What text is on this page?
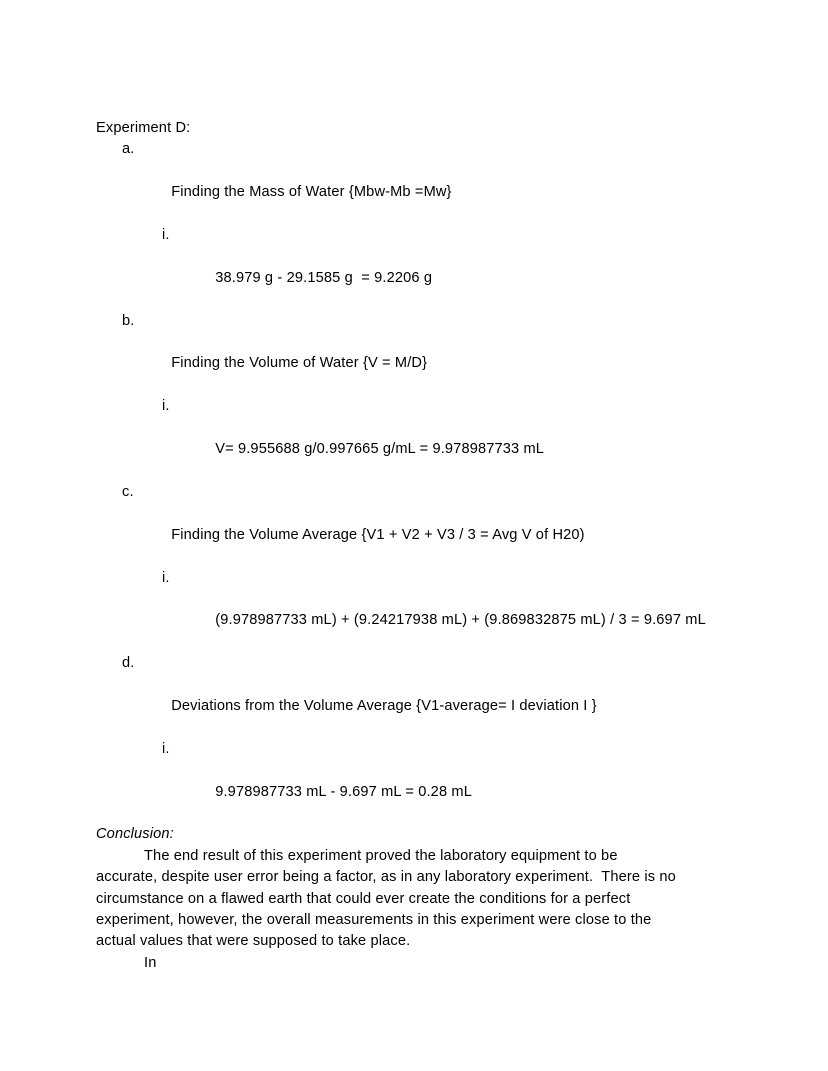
Experiment D:

a.

Finding the Mass of Water {Mbw-Mb =Mw}

i.

38.979 g - 29.1585 g  = 9.2206 g

b.

Finding the Volume of Water {V = M/D}

i.

V= 9.955688 g/0.997665 g/mL = 9.978987733 mL

c.

Finding the Volume Average {V1 + V2 + V3 / 3 = Avg V of H20)

i.

(9.978987733 mL) + (9.24217938 mL) + (9.869832875 mL) / 3 = 9.697 mL

d.

Deviations from the Volume Average {V1-average= I deviation I }

i.

9.978987733 mL - 9.697 mL = 0.28 mL

Conclusion:
The end result of this experiment proved the laboratory equipment to be
accurate, despite user error being a factor, as in any laboratory experiment.  There is no
circumstance on a flawed earth that could ever create the conditions for a perfect
experiment, however, the overall measurements in this experiment were close to the
actual values that were supposed to take place.
In
